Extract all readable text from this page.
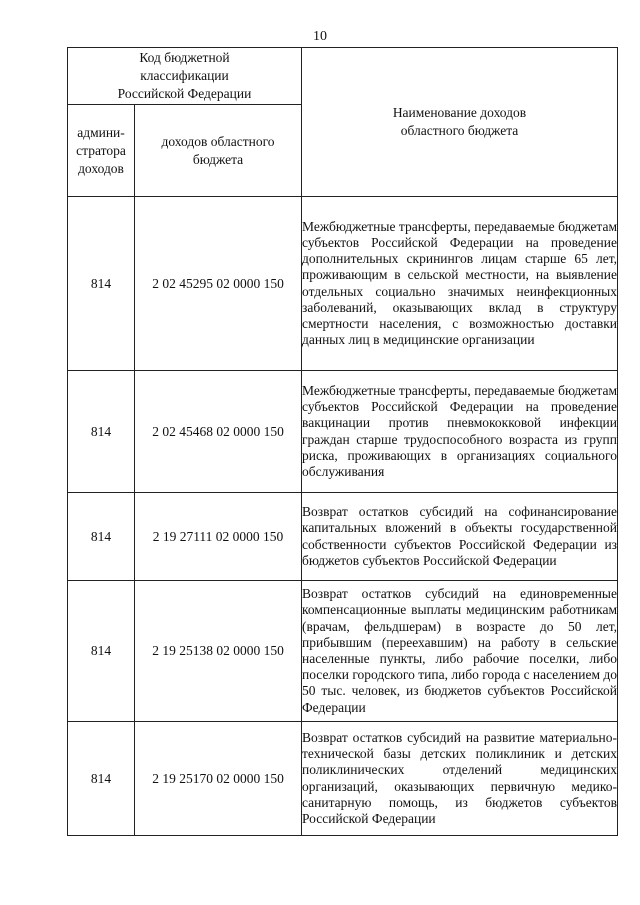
10
Код бюджетной классификации Российской Федерации		Наименование доходов областного бюджета

админи-стратора доходов	доходов областного бюджета	

814	2 02 45295 02 0000 150	Межбюджетные трансферты, передаваемые бюджетам субъектов Российской Федерации на проведение дополнительных скринингов лицам старше 65 лет, проживающим в сельской местности, на выявление отдельных социально значимых неинфекционных заболеваний, оказывающих вклад в структуру смертности населения, с возможностью доставки данных лиц в медицинские организации

814	2 02 45468 02 0000 150	Межбюджетные трансферты, передаваемые бюджетам субъектов Российской Федерации на проведение вакцинации против пневмококковой инфекции граждан старше трудоспособного возраста из групп риска, проживающих в организациях социального обслуживания

814	2 19 27111 02 0000 150	Возврат остатков субсидий на софинансирование капитальных вложений в объекты государственной собственности субъектов Российской Федерации из бюджетов субъектов Российской Федерации

814	2 19 25138 02 0000 150	Возврат остатков субсидий на единовременные компенсационные выплаты медицинским работникам (врачам, фельдшерам) в возрасте до 50 лет, прибывшим (переехавшим) на работу в сельские населенные пункты, либо рабочие поселки, либо поселки городского типа, либо города с населением до 50 тыс. человек, из бюджетов субъектов Российской Федерации

814	2 19 25170 02 0000 150	Возврат остатков субсидий на развитие материально-технической базы детских поликлиник и детских поликлинических отделений медицинских организаций, оказывающих первичную медико-санитарную помощь, из бюджетов субъектов Российской Федерации
